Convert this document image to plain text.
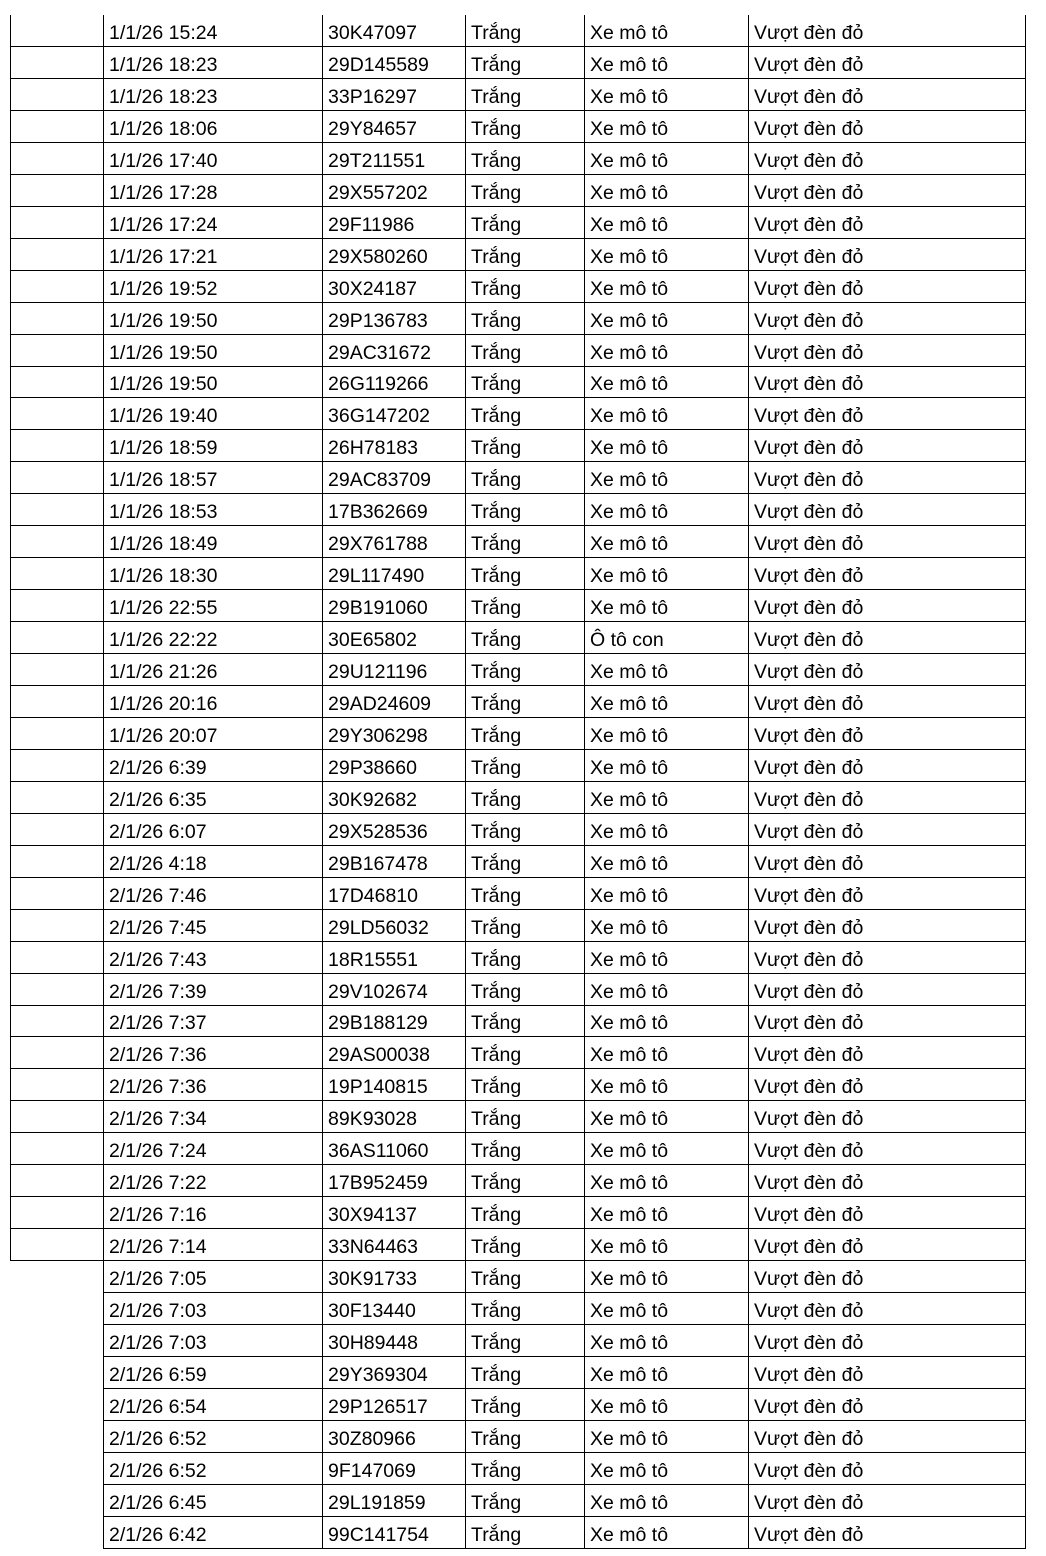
1/1/26 15:24	30K47097	Trắng	Xe mô tô	Vượt đèn đỏ
1/1/26 18:23	29D145589	Trắng	Xe mô tô	Vượt đèn đỏ
1/1/26 18:23	33P16297	Trắng	Xe mô tô	Vượt đèn đỏ
1/1/26 18:06	29Y84657	Trắng	Xe mô tô	Vượt đèn đỏ
1/1/26 17:40	29T211551	Trắng	Xe mô tô	Vượt đèn đỏ
1/1/26 17:28	29X557202	Trắng	Xe mô tô	Vượt đèn đỏ
1/1/26 17:24	29F11986	Trắng	Xe mô tô	Vượt đèn đỏ
1/1/26 17:21	29X580260	Trắng	Xe mô tô	Vượt đèn đỏ
1/1/26 19:52	30X24187	Trắng	Xe mô tô	Vượt đèn đỏ
1/1/26 19:50	29P136783	Trắng	Xe mô tô	Vượt đèn đỏ
1/1/26 19:50	29AC31672	Trắng	Xe mô tô	Vượt đèn đỏ
1/1/26 19:50	26G119266	Trắng	Xe mô tô	Vượt đèn đỏ
1/1/26 19:40	36G147202	Trắng	Xe mô tô	Vượt đèn đỏ
1/1/26 18:59	26H78183	Trắng	Xe mô tô	Vượt đèn đỏ
1/1/26 18:57	29AC83709	Trắng	Xe mô tô	Vượt đèn đỏ
1/1/26 18:53	17B362669	Trắng	Xe mô tô	Vượt đèn đỏ
1/1/26 18:49	29X761788	Trắng	Xe mô tô	Vượt đèn đỏ
1/1/26 18:30	29L117490	Trắng	Xe mô tô	Vượt đèn đỏ
1/1/26 22:55	29B191060	Trắng	Xe mô tô	Vượt đèn đỏ
1/1/26 22:22	30E65802	Trắng	Ô tô con	Vượt đèn đỏ
1/1/26 21:26	29U121196	Trắng	Xe mô tô	Vượt đèn đỏ
1/1/26 20:16	29AD24609	Trắng	Xe mô tô	Vượt đèn đỏ
1/1/26 20:07	29Y306298	Trắng	Xe mô tô	Vượt đèn đỏ
2/1/26 6:39	29P38660	Trắng	Xe mô tô	Vượt đèn đỏ
2/1/26 6:35	30K92682	Trắng	Xe mô tô	Vượt đèn đỏ
2/1/26 6:07	29X528536	Trắng	Xe mô tô	Vượt đèn đỏ
2/1/26 4:18	29B167478	Trắng	Xe mô tô	Vượt đèn đỏ
2/1/26 7:46	17D46810	Trắng	Xe mô tô	Vượt đèn đỏ
2/1/26 7:45	29LD56032	Trắng	Xe mô tô	Vượt đèn đỏ
2/1/26 7:43	18R15551	Trắng	Xe mô tô	Vượt đèn đỏ
2/1/26 7:39	29V102674	Trắng	Xe mô tô	Vượt đèn đỏ
2/1/26 7:37	29B188129	Trắng	Xe mô tô	Vượt đèn đỏ
2/1/26 7:36	29AS00038	Trắng	Xe mô tô	Vượt đèn đỏ
2/1/26 7:36	19P140815	Trắng	Xe mô tô	Vượt đèn đỏ
2/1/26 7:34	89K93028	Trắng	Xe mô tô	Vượt đèn đỏ
2/1/26 7:24	36AS11060	Trắng	Xe mô tô	Vượt đèn đỏ
2/1/26 7:22	17B952459	Trắng	Xe mô tô	Vượt đèn đỏ
2/1/26 7:16	30X94137	Trắng	Xe mô tô	Vượt đèn đỏ
2/1/26 7:14	33N64463	Trắng	Xe mô tô	Vượt đèn đỏ
2/1/26 7:05	30K91733	Trắng	Xe mô tô	Vượt đèn đỏ
2/1/26 7:03	30F13440	Trắng	Xe mô tô	Vượt đèn đỏ
2/1/26 7:03	30H89448	Trắng	Xe mô tô	Vượt đèn đỏ
2/1/26 6:59	29Y369304	Trắng	Xe mô tô	Vượt đèn đỏ
2/1/26 6:54	29P126517	Trắng	Xe mô tô	Vượt đèn đỏ
2/1/26 6:52	30Z80966	Trắng	Xe mô tô	Vượt đèn đỏ
2/1/26 6:52	9F147069	Trắng	Xe mô tô	Vượt đèn đỏ
2/1/26 6:45	29L191859	Trắng	Xe mô tô	Vượt đèn đỏ
2/1/26 6:42	99C141754	Trắng	Xe mô tô	Vượt đèn đỏ
